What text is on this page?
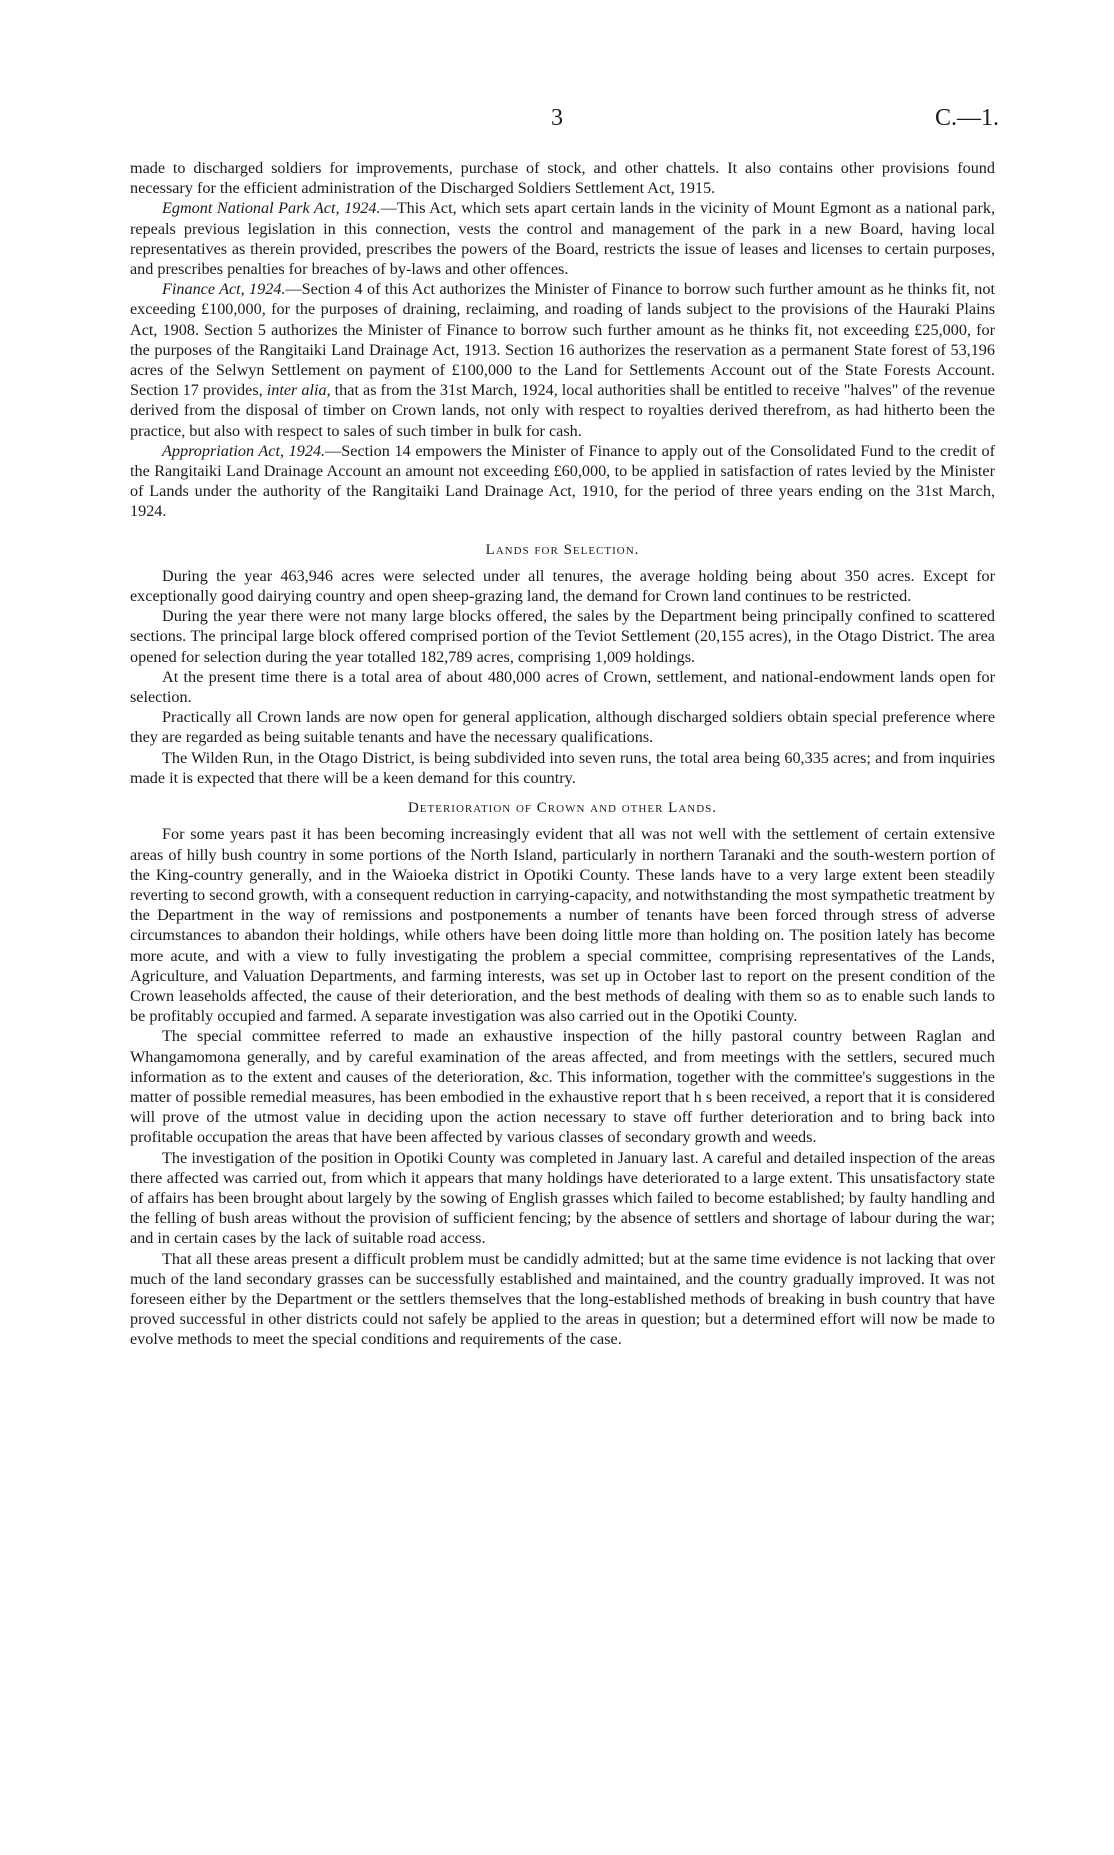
3	C.—1.

made to discharged soldiers for improvements, purchase of stock, and other chattels. It also contains other provisions found necessary for the efficient administration of the Discharged Soldiers Settlement Act, 1915.

Egmont National Park Act, 1924.—This Act, which sets apart certain lands in the vicinity of Mount Egmont as a national park, repeals previous legislation in this connection, vests the control and management of the park in a new Board, having local representatives as therein provided, prescribes the powers of the Board, restricts the issue of leases and licenses to certain purposes, and prescribes penalties for breaches of by-laws and other offences.

Finance Act, 1924.—Section 4 of this Act authorizes the Minister of Finance to borrow such further amount as he thinks fit, not exceeding £100,000, for the purposes of draining, reclaiming, and roading of lands subject to the provisions of the Hauraki Plains Act, 1908. Section 5 authorizes the Minister of Finance to borrow such further amount as he thinks fit, not exceeding £25,000, for the purposes of the Rangitaiki Land Drainage Act, 1913. Section 16 authorizes the reservation as a permanent State forest of 53,196 acres of the Selwyn Settlement on payment of £100,000 to the Land for Settlements Account out of the State Forests Account. Section 17 provides, inter alia, that as from the 31st March, 1924, local authorities shall be entitled to receive "halves" of the revenue derived from the disposal of timber on Crown lands, not only with respect to royalties derived therefrom, as had hitherto been the practice, but also with respect to sales of such timber in bulk for cash.

Appropriation Act, 1924.—Section 14 empowers the Minister of Finance to apply out of the Consolidated Fund to the credit of the Rangitaiki Land Drainage Account an amount not exceeding £60,000, to be applied in satisfaction of rates levied by the Minister of Lands under the authority of the Rangitaiki Land Drainage Act, 1910, for the period of three years ending on the 31st March, 1924.

Lands for Selection.

During the year 463,946 acres were selected under all tenures, the average holding being about 350 acres. Except for exceptionally good dairying country and open sheep-grazing land, the demand for Crown land continues to be restricted.

During the year there were not many large blocks offered, the sales by the Department being principally confined to scattered sections. The principal large block offered comprised portion of the Teviot Settlement (20,155 acres), in the Otago District. The area opened for selection during the year totalled 182,789 acres, comprising 1,009 holdings.

At the present time there is a total area of about 480,000 acres of Crown, settlement, and national-endowment lands open for selection.

Practically all Crown lands are now open for general application, although discharged soldiers obtain special preference where they are regarded as being suitable tenants and have the necessary qualifications.

The Wilden Run, in the Otago District, is being subdivided into seven runs, the total area being 60,335 acres; and from inquiries made it is expected that there will be a keen demand for this country.

Deterioration of Crown and other Lands.

For some years past it has been becoming increasingly evident that all was not well with the settlement of certain extensive areas of hilly bush country in some portions of the North Island, particularly in northern Taranaki and the south-western portion of the King-country generally, and in the Waioeka district in Opotiki County. These lands have to a very large extent been steadily reverting to second growth, with a consequent reduction in carrying-capacity, and notwithstanding the most sympathetic treatment by the Department in the way of remissions and postponements a number of tenants have been forced through stress of adverse circumstances to abandon their holdings, while others have been doing little more than holding on. The position lately has become more acute, and with a view to fully investigating the problem a special committee, comprising representatives of the Lands, Agriculture, and Valuation Departments, and farming interests, was set up in October last to report on the present condition of the Crown leaseholds affected, the cause of their deterioration, and the best methods of dealing with them so as to enable such lands to be profitably occupied and farmed. A separate investigation was also carried out in the Opotiki County.

The special committee referred to made an exhaustive inspection of the hilly pastoral country between Raglan and Whangamomona generally, and by careful examination of the areas affected, and from meetings with the settlers, secured much information as to the extent and causes of the deterioration, &c. This information, together with the committee's suggestions in the matter of possible remedial measures, has been embodied in the exhaustive report that h s been received, a report that it is considered will prove of the utmost value in deciding upon the action necessary to stave off further deterioration and to bring back into profitable occupation the areas that have been affected by various classes of secondary growth and weeds.

The investigation of the position in Opotiki County was completed in January last. A careful and detailed inspection of the areas there affected was carried out, from which it appears that many holdings have deteriorated to a large extent. This unsatisfactory state of affairs has been brought about largely by the sowing of English grasses which failed to become established; by faulty handling and the felling of bush areas without the provision of sufficient fencing; by the absence of settlers and shortage of labour during the war; and in certain cases by the lack of suitable road access.

That all these areas present a difficult problem must be candidly admitted; but at the same time evidence is not lacking that over much of the land secondary grasses can be successfully established and maintained, and the country gradually improved. It was not foreseen either by the Department or the settlers themselves that the long-established methods of breaking in bush country that have proved successful in other districts could not safely be applied to the areas in question; but a determined effort will now be made to evolve methods to meet the special conditions and requirements of the case.
